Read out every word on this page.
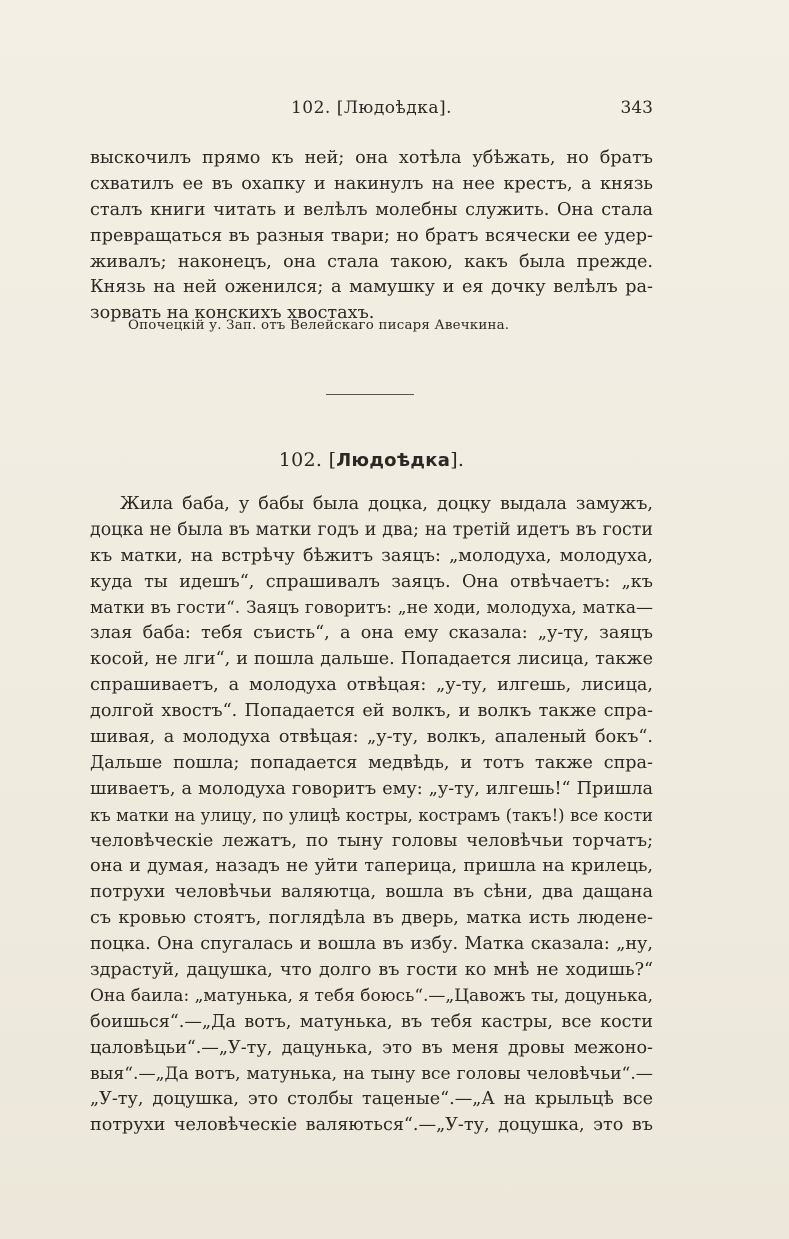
102. [Людоѣдка].	343
выскочилъ прямо къ ней; она хотѣла убѣжать, но братъ
схватилъ ее въ охапку и накинулъ на нее крестъ, а князь
сталъ книги читать и велѣлъ молебны служить. Она стала
превращаться въ разныя твари; но братъ всячески ее удер-
живалъ; наконецъ, она стала такою, какъ была прежде.
Князь на ней оженился; а мамушку и ея дочку велѣлъ ра-
зорвать на конскихъ хвостахъ.
Опочецкій у. Зап. отъ Велейскаго писаря Авечкина.
102. [Людоѣдка].
Жила баба, у бабы была доцка, доцку выдала замужъ,
доцка не была въ матки годъ и два; на третій идетъ въ гости
къ матки, на встрѣчу бѣжитъ заяцъ: „молодуха, молодуха,
куда ты идешъ“, спрашивалъ заяцъ. Она отвѣчаетъ: „къ
матки въ гости“. Заяцъ говоритъ: „не ходи, молодуха, матка—
злая баба: тебя съисть“, а она ему сказала: „у-ту, заяцъ
косой, не лги“, и пошла дальше. Попадается лисица, также
спрашиваетъ, а молодуха отвѣцая: „у-ту, илгешь, лисица,
долгой хвостъ“. Попадается ей волкъ, и волкъ также спра-
шивая, а молодуха отвѣцая: „у-ту, волкъ, апаленый бокъ“.
Дальше пошла; попадается медвѣдь, и тотъ также спра-
шиваетъ, а молодуха говоритъ ему: „у-ту, илгешь!“ Пришла
къ матки на улицу, по улицѣ костры, кострамъ (такъ!) все кости
человѣческіе лежатъ, по тыну головы человѣчьи торчатъ;
она и думая, назадъ не уйти таперица, пришла на крилець,
потрухи человѣчьи валяютца, вошла въ сѣни, два дащана
съ кровью стоятъ, поглядѣла въ дверь, матка исть людене-
поцка. Она спугалась и вошла въ избу. Матка сказала: „ну,
здрастуй, дацушка, что долго въ гости ко мнѣ не ходишь?“
Она баила: „матунька, я тебя боюсь“.—„Цавожъ ты, доцунька,
боишься“.—„Да вотъ, матунька, въ тебя кастры, все кости
цаловѣцьи“.—„У-ту, дацунька, это въ меня дровы межоно-
выя“.—„Да вотъ, матунька, на тыну все головы человѣчьи“.—
„У-ту, доцушка, это столбы таценые“.—„А на крыльцѣ все
потрухи человѣческіе валяються“.—„У-ту, доцушка, это въ
